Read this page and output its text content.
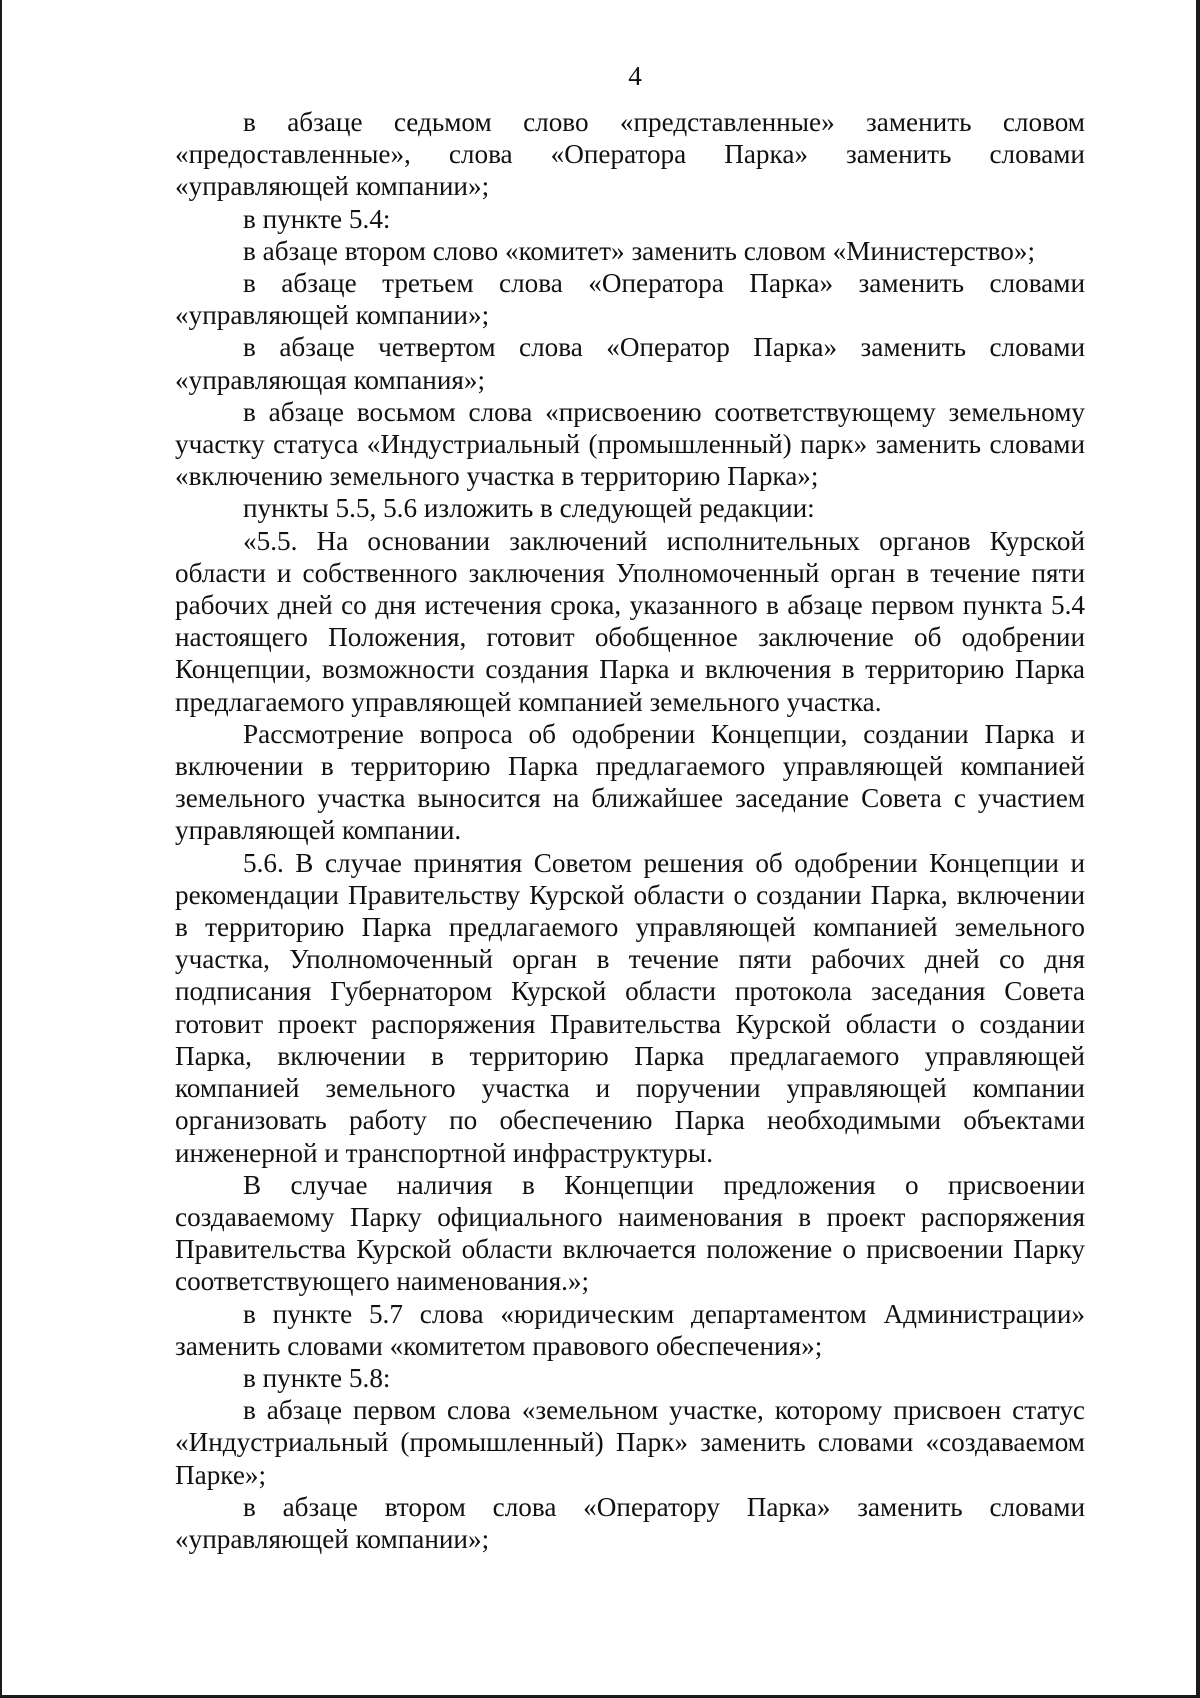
4

в абзаце седьмом слово «представленные» заменить словом «предоставленные», слова «Оператора Парка» заменить словами «управляющей компании»;

в пункте 5.4:

в абзаце втором слово «комитет» заменить словом «Министерство»;

в абзаце третьем слова «Оператора Парка» заменить словами «управляющей компании»;

в абзаце четвертом слова «Оператор Парка» заменить словами «управляющая компания»;

в абзаце восьмом слова «присвоению соответствующему земельному участку статуса «Индустриальный (промышленный) парк» заменить словами «включению земельного участка в территорию Парка»;

пункты 5.5, 5.6 изложить в следующей редакции:

«5.5. На основании заключений исполнительных органов Курской области и собственного заключения Уполномоченный орган в течение пяти рабочих дней со дня истечения срока, указанного в абзаце первом пункта 5.4 настоящего Положения, готовит обобщенное заключение об одобрении Концепции, возможности создания Парка и включения в территорию Парка предлагаемого управляющей компанией земельного участка.

Рассмотрение вопроса об одобрении Концепции, создании Парка и включении в территорию Парка предлагаемого управляющей компанией земельного участка выносится на ближайшее заседание Совета с участием управляющей компании.

5.6. В случае принятия Советом решения об одобрении Концепции и рекомендации Правительству Курской области о создании Парка, включении в территорию Парка предлагаемого управляющей компанией земельного участка, Уполномоченный орган в течение пяти рабочих дней со дня подписания Губернатором Курской области протокола заседания Совета готовит проект распоряжения Правительства Курской области о создании Парка, включении в территорию Парка предлагаемого управляющей компанией земельного участка и поручении управляющей компании организовать работу по обеспечению Парка необходимыми объектами инженерной и транспортной инфраструктуры.

В случае наличия в Концепции предложения о присвоении создаваемому Парку официального наименования в проект распоряжения Правительства Курской области включается положение о присвоении Парку соответствующего наименования.»;

в пункте 5.7 слова «юридическим департаментом Администрации» заменить словами «комитетом правового обеспечения»;

в пункте 5.8:

в абзаце первом слова «земельном участке, которому присвоен статус «Индустриальный (промышленный) Парк» заменить словами «создаваемом Парке»;

в абзаце втором слова «Оператору Парка» заменить словами «управляющей компании»;
